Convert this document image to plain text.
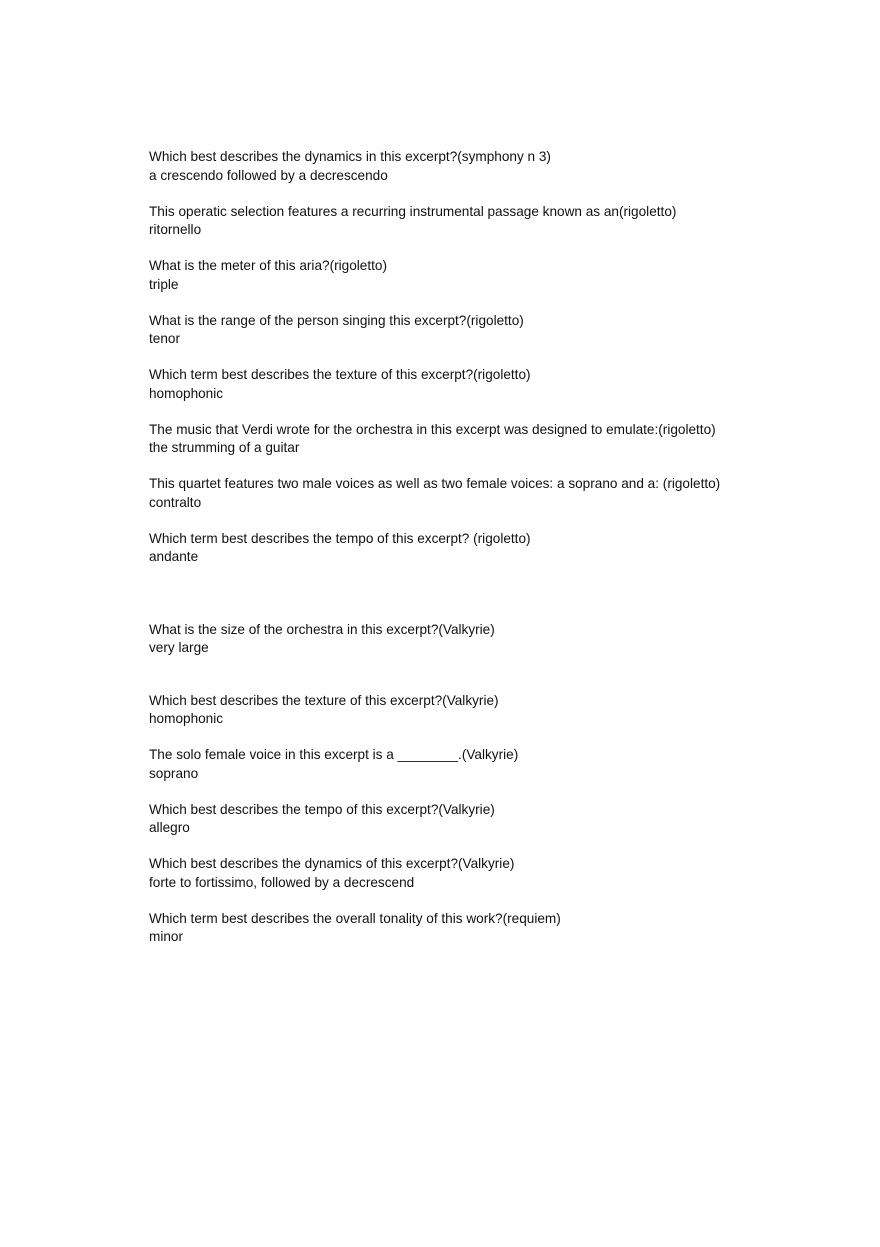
Which best describes the dynamics in this excerpt?(symphony n 3)
a crescendo followed by a decrescendo
This operatic selection features a recurring instrumental passage known as an(rigoletto)
ritornello
What is the meter of this aria?(rigoletto)
triple
What is the range of the person singing this excerpt?(rigoletto)
tenor
Which term best describes the texture of this excerpt?(rigoletto)
homophonic
The music that Verdi wrote for the orchestra in this excerpt was designed to emulate:(rigoletto)
the strumming of a guitar
This quartet features two male voices as well as two female voices: a soprano and a: (rigoletto)
contralto
Which term best describes the tempo of this excerpt? (rigoletto)
andante
What is the size of the orchestra in this excerpt?(Valkyrie)
very large
Which best describes the texture of this excerpt?(Valkyrie)
homophonic
The solo female voice in this excerpt is a ________.(Valkyrie)
soprano
Which best describes the tempo of this excerpt?(Valkyrie)
allegro
Which best describes the dynamics of this excerpt?(Valkyrie)
forte to fortissimo, followed by a decrescend
Which term best describes the overall tonality of this work?(requiem)
minor
